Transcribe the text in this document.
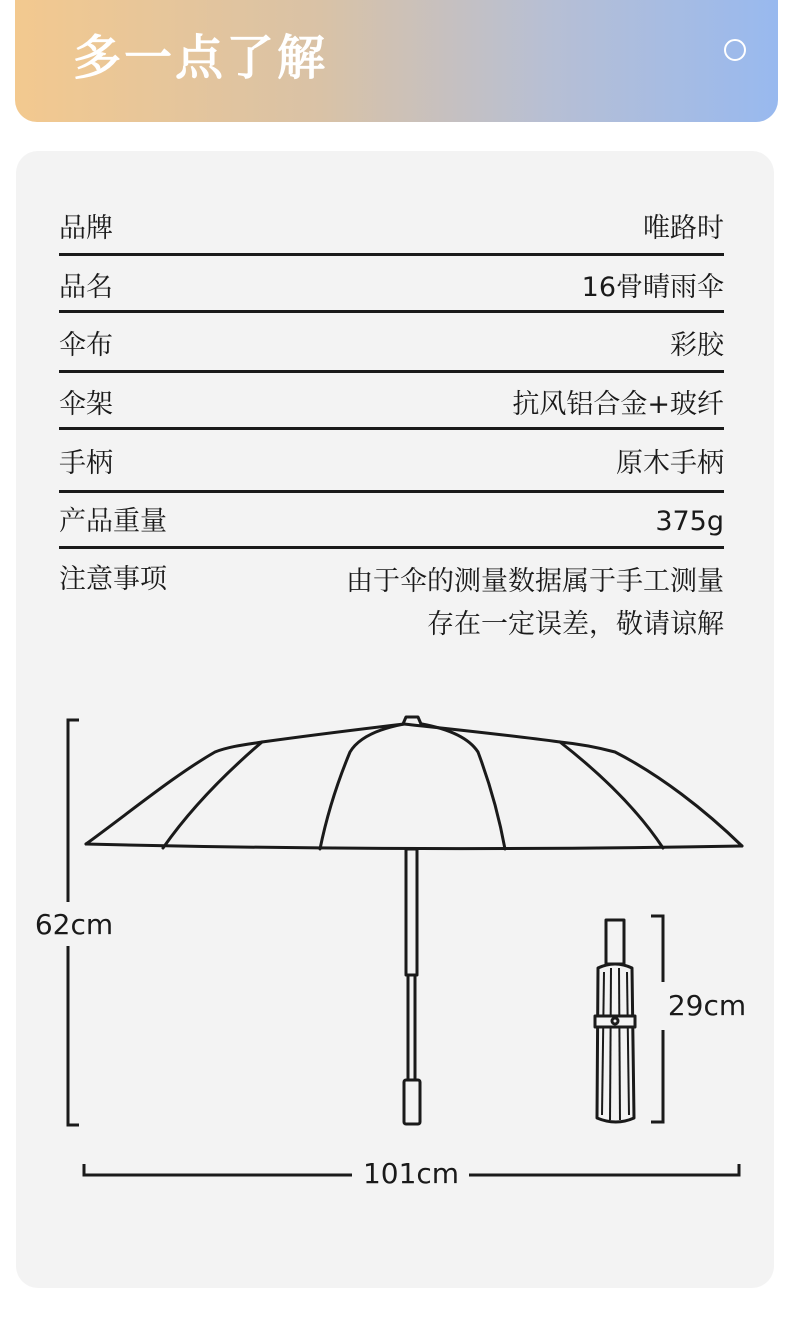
多一点了解
品牌	唯路时
品名	16骨晴雨伞
伞布	彩胶
伞架	抗风铝合金+玻纤
手柄	原木手柄
产品重量	375g
注意事项	由于伞的测量数据属于手工测量
存在一定误差，敬请谅解
62cm
29cm
101cm
